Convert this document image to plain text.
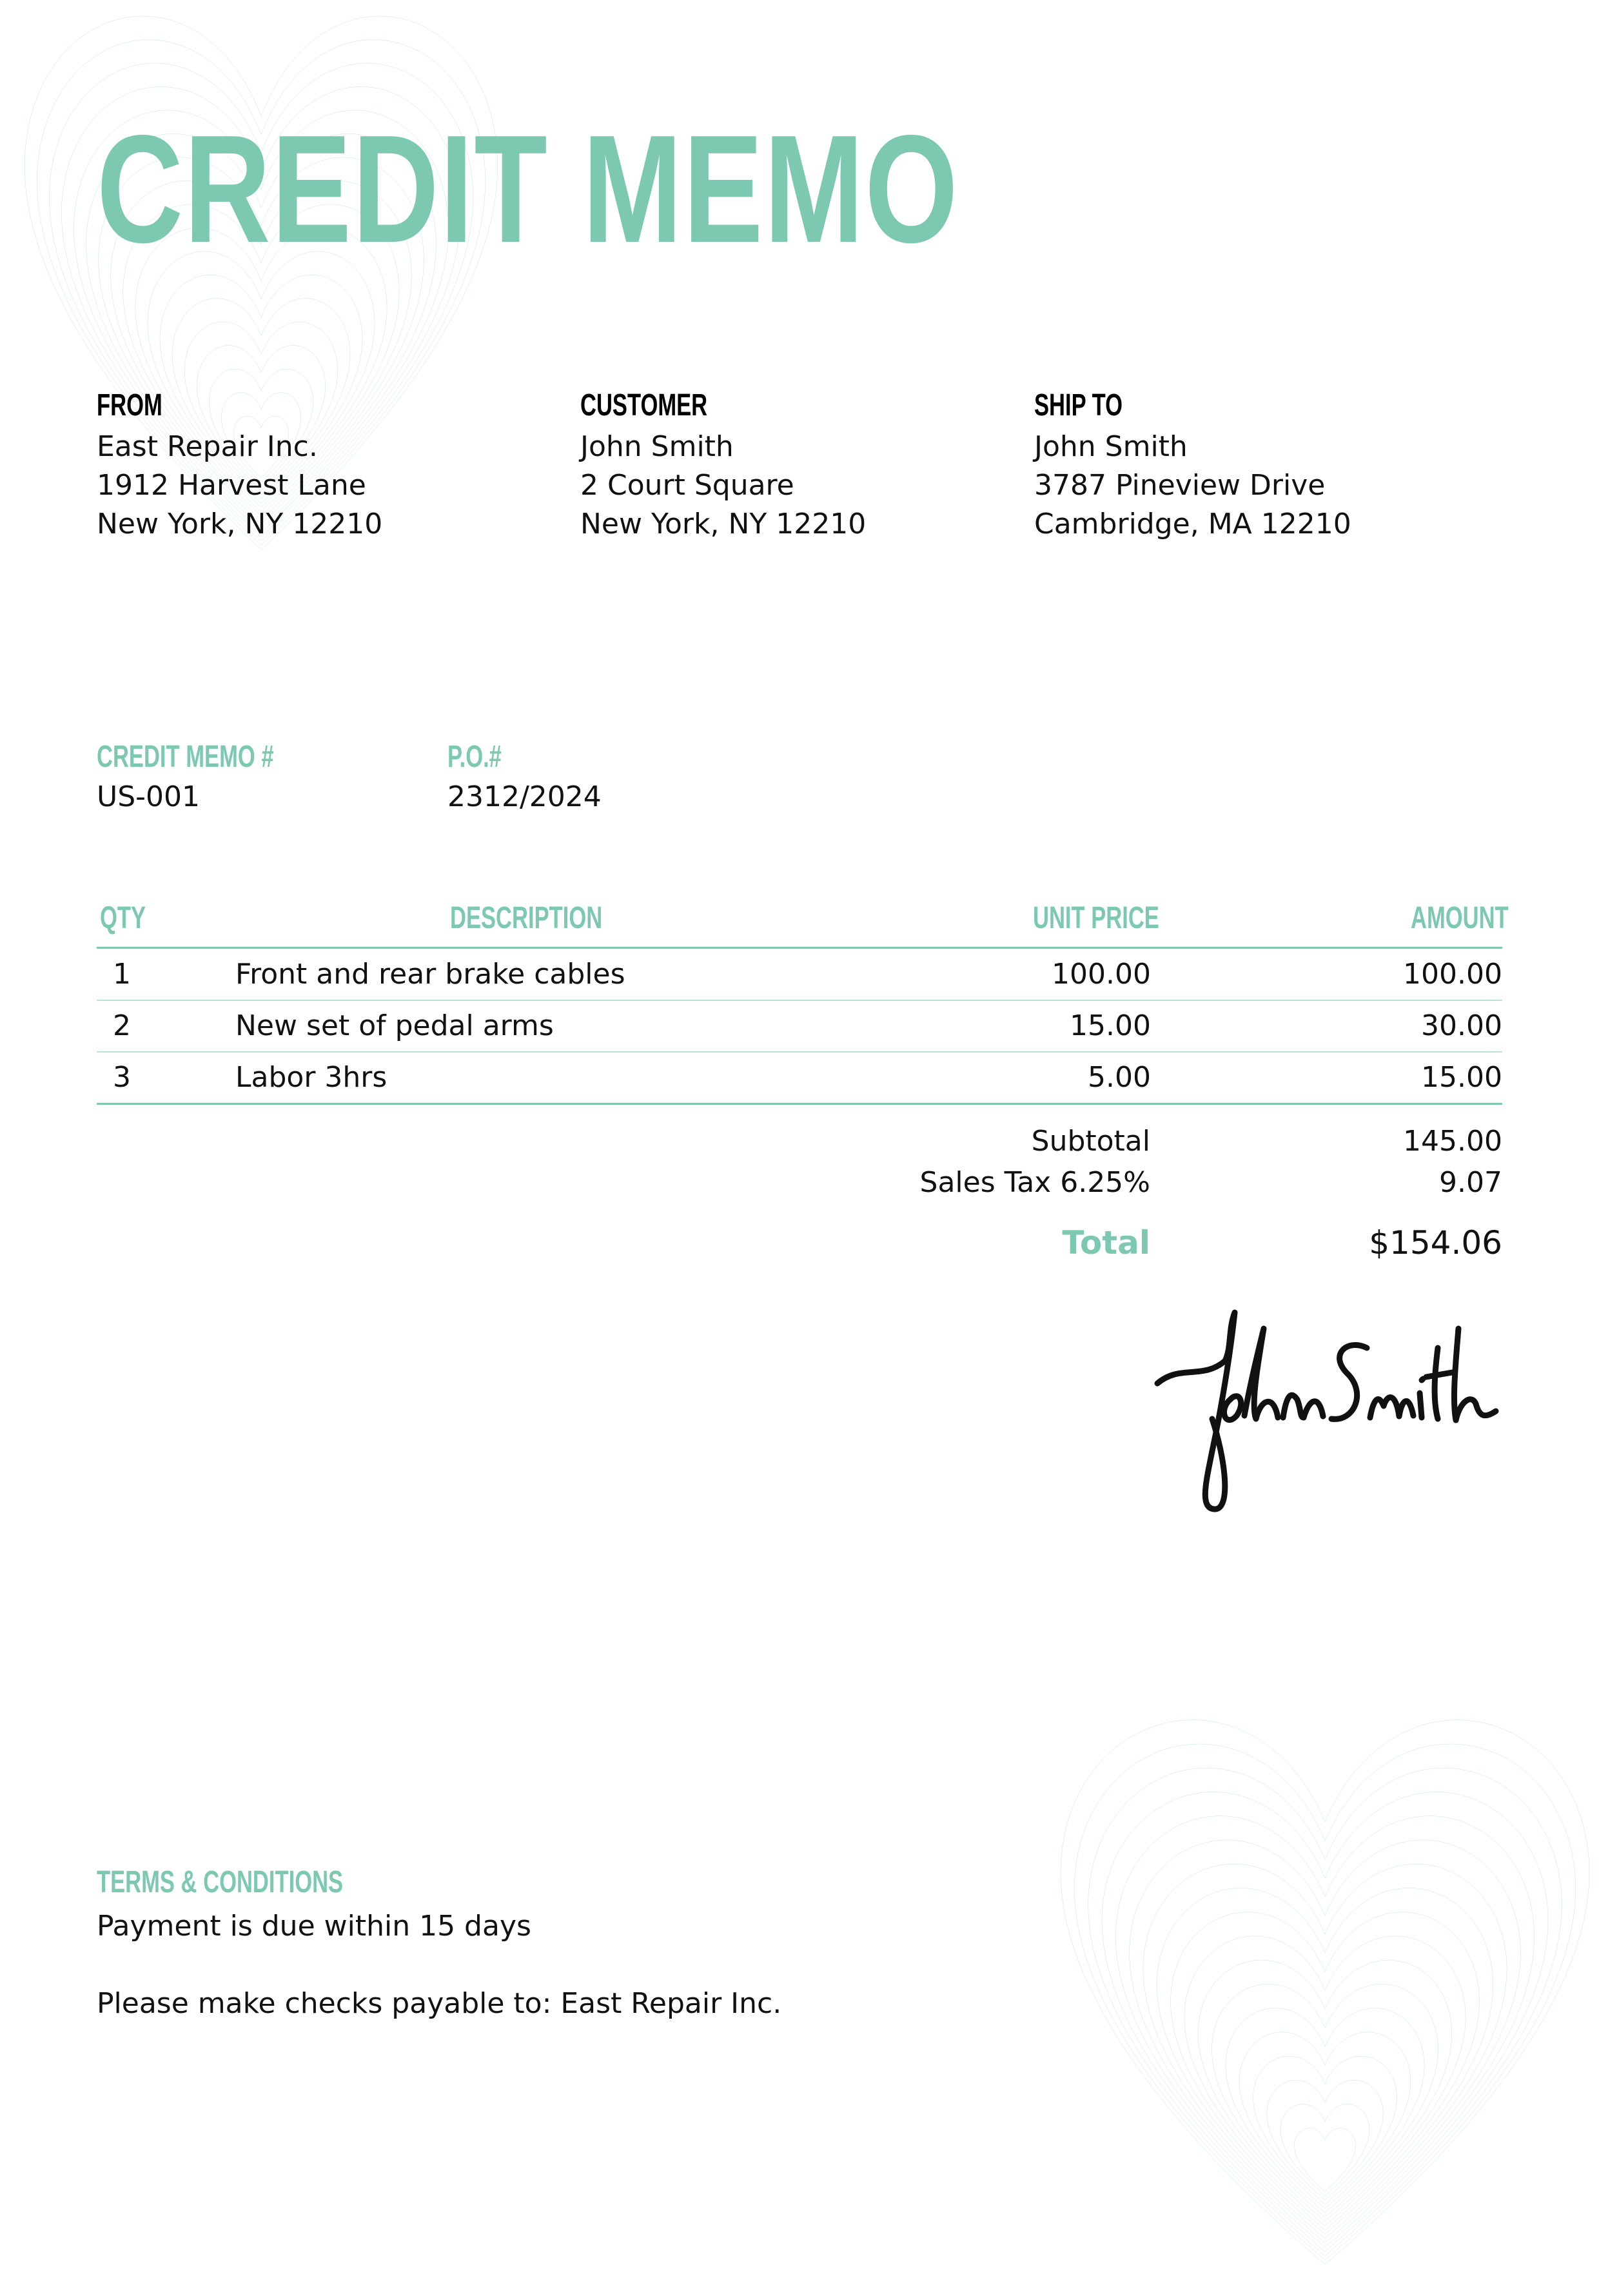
CREDIT MEMO
FROM
East Repair Inc.
1912 Harvest Lane
New York, NY 12210
CUSTOMER
John Smith
2 Court Square
New York, NY 12210
SHIP TO
John Smith
3787 Pineview Drive
Cambridge, MA 12210
CREDIT MEMO #
US-001
P.O.#
2312/2024
QTY	DESCRIPTION	UNIT PRICE	AMOUNT
1	Front and rear brake cables	100.00	100.00
2	New set of pedal arms	15.00	30.00
3	Labor 3hrs	5.00	15.00
Subtotal	145.00
Sales Tax 6.25%	9.07
Total	$154.06
TERMS & CONDITIONS
Payment is due within 15 days
Please make checks payable to: East Repair Inc.
